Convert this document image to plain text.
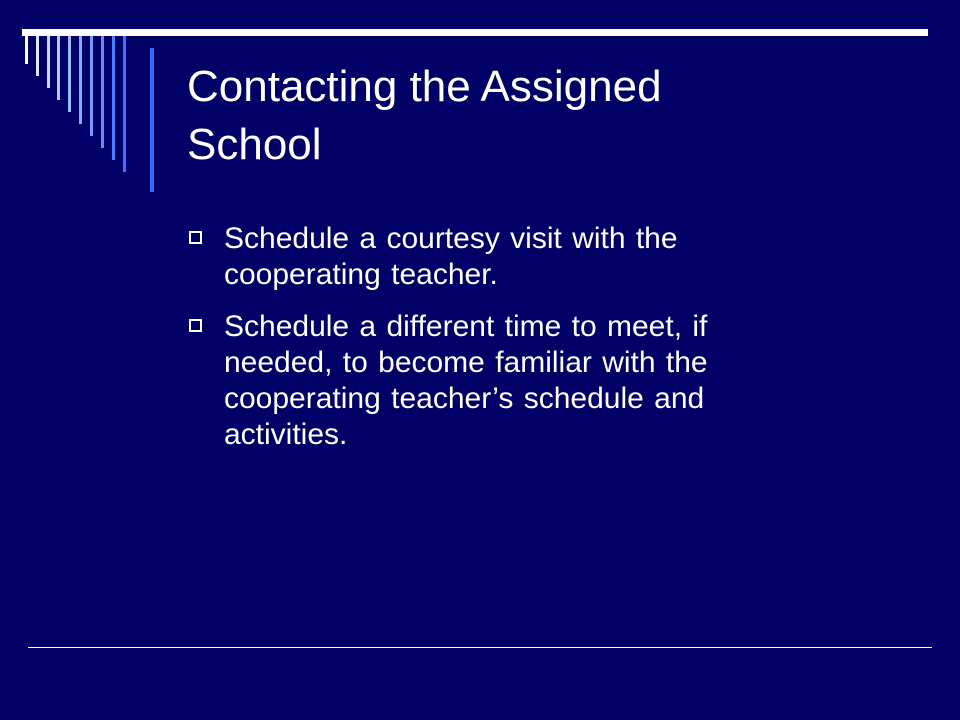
Contacting the Assigned
School
Schedule a courtesy visit with the
cooperating teacher.
Schedule a different time to meet, if
needed, to become familiar with the
cooperating teacher’s schedule and
activities.
